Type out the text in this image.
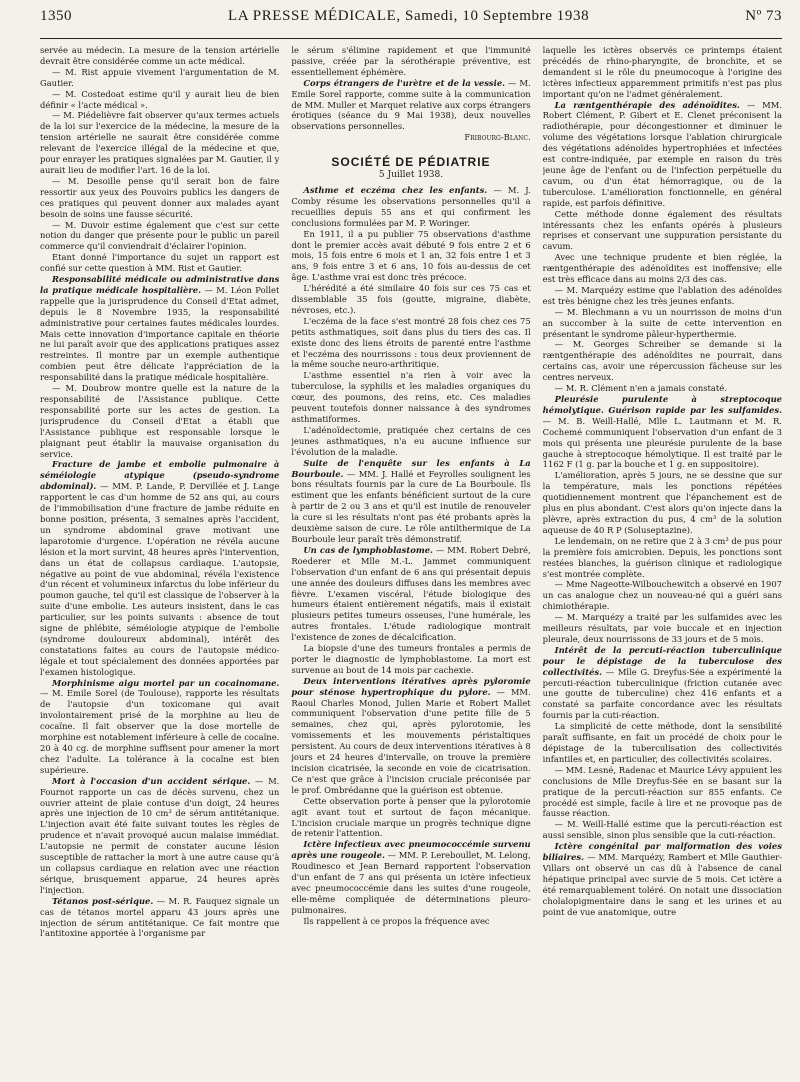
1350	LA PRESSE MÉDICALE, Samedi, 10 Septembre 1938	Nº 73

servée au médecin. La mesure de la tension artérielle devrait être considérée comme un acte médical.

— M. Rist appuie vivement l'argumentation de M. Gautier.

— M. Costedoat estime qu'il y aurait lieu de bien définir « l'acte médical ».

— M. Piédelièvre fait observer qu'aux termes actuels de la loi sur l'exercice de la médecine, la mesure de la tension artérielle ne saurait être considérée comme relevant de l'exercice illégal de la médecine et que, pour enrayer les pratiques signalées par M. Gautier, il y aurait lieu de modifier l'art. 16 de la loi.

— M. Desoille pense qu'il serait bon de faire ressortir aux yeux des Pouvoirs publics les dangers de ces pratiques qui peuvent donner aux malades ayant besoin de soins une fausse sécurité.

— M. Duvoir estime également que c'est sur cette notion du danger que présente pour le public un pareil commerce qu'il conviendrait d'éclairer l'opinion.

Etant donné l'importance du sujet un rapport est confié sur cette question à MM. Rist et Gautier.

Responsabilité médicale ou administrative dans la pratique médicale hospitalière. — M. Léon Pollet rappelle que la jurisprudence du Conseil d'Etat admet, depuis le 8 Novembre 1935, la responsabilité administrative pour certaines fautes médicales lourdes. Mais cette innovation d'importance capitale en théorie ne lui paraît avoir que des applications pratiques assez restreintes. Il montre par un exemple authentique combien peut être délicate l'appréciation de la responsabilité dans la pratique médicale hospitalière.

— M. Doubrow montre quelle est la nature de la responsabilité de l'Assistance publique. Cette responsabilité porte sur les actes de gestion. La jurisprudence du Conseil d'Etat a établi que l'Assistance publique est responsable lorsque le plaignant peut établir la mauvaise organisation du service.

Fracture de jambe et embolie pulmonaire à séméiologie atypique (pseudo-syndrome abdominal). — MM. P. Lande, P. Dervillée et J. Lange rapportent le cas d'un homme de 52 ans qui, au cours de l'immobilisation d'une fracture de jambe réduite en bonne position, présenta, 3 semaines après l'accident, un syndrome abdominal grave motivant une laparotomie d'urgence. L'opération ne révéla aucune lésion et la mort survint, 48 heures après l'intervention, dans un état de collapsus cardiaque. L'autopsie, négative au point de vue abdominal, révéla l'existence d'un récent et volumineux infarctus du lobe inférieur du poumon gauche, tel qu'il est classique de l'observer à la suite d'une embolie. Les auteurs insistent, dans le cas particulier, sur les points suivants : absence de tout signe de phlébite, séméiologie atypique de l'embolie (syndrome douloureux abdominal), intérêt des constatations faites au cours de l'autopsie médico-légale et tout spécialement des données apportées par l'examen histologique.

Morphinisme aigu mortel par un cocainomane. — M. Emile Sorel (de Toulouse), rapporte les résultats de l'autopsie d'un toxicomane qui avait involontairement prisé de la morphine au lieu de cocaïne. Il fait observer que la dose mortelle de morphine est notablement inférieure à celle de cocaïne. 20 à 40 cg. de morphine suffisent pour amener la mort chez l'adulte. La tolérance à la cocaïne est bien supérieure.

Mort à l'occasion d'un accident sérique. — M. Fournot rapporte un cas de décès survenu, chez un ouvrier atteint de plaie contuse d'un doigt, 24 heures après une injection de 10 cm³ de sérum antitétanique. L'injection avait été faite suivant toutes les règles de prudence et n'avait provoqué aucun malaise immédiat. L'autopsie ne permit de constater aucune lésion susceptible de rattacher la mort à une autre cause qu'à un collapsus cardiaque en relation avec une réaction sérique, brusquement apparue, 24 heures après l'injection.

Tétanos post-sérique. — M. R. Fauquez signale un cas de tétanos mortel apparu 43 jours après une injection de sérum antitétanique. Ce fait montre que l'antitoxine apportée à l'organisme par

le sérum s'élimine rapidement et que l'immunité passive, créée par la sérothérapie préventive, est essentiellement éphémère.

Corps étrangers de l'urètre et de la vessie. — M. Emile Sorel rapporte, comme suite à la communication de MM. Muller et Marquet relative aux corps étrangers érotiques (séance du 9 Mai 1938), deux nouvelles observations personnelles.

Fribourg-Blanc.
SOCIÉTÉ DE PÉDIATRIE
5 Juillet 1938.

Asthme et eczéma chez les enfants. — M. J. Comby résume les observations personnelles qu'il a recueillies depuis 55 ans et qui confirment les conclusions formulées par M. P. Woringer.

En 1911, il a pu publier 75 observations d'asthme dont le premier accès avait débuté 9 fois entre 2 et 6 mois, 15 fois entre 6 mois et 1 an, 32 fois entre 1 et 3 ans, 9 fois entre 3 et 6 ans, 10 fois au-dessus de cet âge. L'asthme vrai est donc très précoce.

L'hérédité a été similaire 40 fois sur ces 75 cas et dissemblable 35 fois (goutte, migraine, diabète, névroses, etc.).

L'eczéma de la face s'est montré 28 fois chez ces 75 petits asthmatiques, soit dans plus du tiers des cas. Il existe donc des liens étroits de parenté entre l'asthme et l'eczéma des nourrissons : tous deux proviennent de la même souche neuro-arthritique.

L'asthme essentiel n'a rien à voir avec la tuberculose, la syphilis et les maladies organiques du cœur, des poumons, des reins, etc. Ces maladies peuvent toutefois donner naissance à des syndromes asthmatiformes.

L'adénoïdectomie, pratiquée chez certains de ces jeunes asthmatiques, n'a eu aucune influence sur l'évolution de la maladie.

Suite de l'enquête sur les enfants à La Bourboule. — MM. J. Hallé et Feyrolles soulignent les bons résultats fournis par la cure de La Bourboule. Ils estiment que les enfants bénéficient surtout de la cure à partir de 2 ou 3 ans et qu'il est inutile de renouveler la cure si les résultats n'ont pas été probants après la deuxième saison de cure. Le rôle antilthermique de La Bourboule leur paraît très démonstratif.

Un cas de lymphoblastome. — MM. Robert Debré, Roederer et Mlle M.-L. Jammet communiquent l'observation d'un enfant de 6 ans qui présentait depuis une année des douleurs diffuses dans les membres avec fièvre. L'examen viscéral, l'étude biologique des humeurs étaient entièrement négatifs, mais il existait plusieurs petites tumeurs osseuses, l'une humérale, les autres frontales. L'étude radiologique montrait l'existence de zones de décalcification.

La biopsie d'une des tumeurs frontales a permis de porter le diagnostic de lymphoblastome. La mort est survenue au bout de 14 mois par cachexie.

Deux interventions itératives après pyloromie pour sténose hypertrophique du pylore. — MM. Raoul Charles Monod, Julien Marie et Robert Mallet communiquent l'observation d'une petite fille de 5 semaines, chez qui, après pylorotomie, les vomissements et les mouvements péristaltiques persistent. Au cours de deux interventions itératives à 8 jours et 24 heures d'intervalle, on trouve la première incision cicatrisée, la seconde en voie de cicatrisation. Ce n'est que grâce à l'incision cruciale préconisée par le prof. Ombrédanne que la guérison est obtenue.

Cette observation porte à penser que la pylorotomie agit avant tout et surtout de façon mécanique. L'incision cruciale marque un progrès technique digne de retenir l'attention.

Ictère infectieux avec pneumococcémie survenu après une rougeole. — MM. P. Lereboullet, M. Lelong, Roudinesco et Jean Bernard rapportent l'observation d'un enfant de 7 ans qui présenta un ictère infectieux avec pneumococcémie dans les suites d'une rougeole, elle-même compliquée de déterminations pleuro-pulmonaires.

Ils rappellent à ce propos la fréquence avec

laquelle les ictères observés ce printemps étaient précédés de rhino-pharyngite, de bronchite, et se demandent si le rôle du pneumocoque à l'origine des ictères infectieux apparemment primitifs n'est pas plus important qu'on ne l'admet généralement.

La ræntgenthérapie des adénoïdites. — MM. Robert Clément, P. Gibert et E. Clenet préconisent la radiothérapie, pour décongestionner et diminuer le volume des végétations lorsque l'ablation chirurgicale des végétations adénoïdes hypertrophiées et infectées est contre-indiquée, par exemple en raison du très jeune âge de l'enfant ou de l'infection perpétuelle du cavum, ou d'un état hémorragique, ou de la tuberculose. L'amélioration fonctionnelle, en général rapide, est parfois définitive.

Cette méthode donne également des résultats intéressants chez les enfants opérés à plusieurs reprises et conservant une suppuration persistante du cavum.

Avec une technique prudente et bien réglée, la ræntgenthérapie des adénoïdites est inoffensive; elle est très efficace dans au moins 2/3 des cas.

— M. Marquézy estime que l'ablation des adénoïdes est très bénigne chez les très jeunes enfants.

— M. Blechmann a vu un nourrisson de moins d'un an succomber à la suite de cette intervention en présentant le syndrome pâleur-hyperthermie.

— M. Georges Schreiber se demande si la ræntgenthérapie des adénoïdites ne pourrait, dans certains cas, avoir une répercussion fâcheuse sur les centres nerveux.

— M. R. Clément n'en a jamais constaté.

Pleurésie purulente à streptocoque hémolytique. Guérison rapide par les sulfamides. — M. B. Weill-Hallé, Mlle L. Lautmann et M. R. Cochemé communiquent l'observation d'un enfant de 3 mois qui présenta une pleurésie purulente de la base gauche à streptocoque hémolytique. Il est traité par le 1162 F (1 g. par la bouche et 1 g. en suppositoire).

L'amélioration, après 5 jours, ne se dessine que sur la température, mais les ponctions répétées quotidiennement montrent que l'épanchement est de plus en plus abondant. C'est alors qu'on injecte dans la plèvre, après extraction du pus, 4 cm³ de la solution aqueuse de 40 R P (Soluseptazine).

Le lendemain, on ne retire que 2 à 3 cm³ de pus pour la première fois amicrobien. Depuis, les ponctions sont restées blanches, la guérison clinique et radiologique s'est montrée complète.

— Mme Nageotte-Wilbouchewitch a observé en 1907 un cas analogue chez un nouveau-né qui a guéri sans chimiothérapie.

— M. Marquézy a traité par les sulfamides avec les meilleurs résultats, par voie buccale et en injection pleurale, deux nourrissons de 33 jours et de 5 mois.

Intérêt de la percuti-réaction tuberculinique pour le dépistage de la tuberculose des collectivités. — Mlle G. Dreyfus-Sée a expérimenté la percuti-réaction tuberculinique (friction cutanée avec une goutte de tuberculine) chez 416 enfants et a constaté sa parfaite concordance avec les résultats fournis par la cuti-réaction.

La simplicité de cette méthode, dont la sensibilité paraît suffisante, en fait un procédé de choix pour le dépistage de la tuberculisation des collectivités infantiles et, en particulier, des collectivités scolaires.

— MM. Lesné, Radenac et Maurice Lévy appuient les conclusions de Mlle Dreyfus-Sée en se basant sur la pratique de la percuti-réaction sur 855 enfants. Ce procédé est simple, facile à lire et ne provoque pas de fausse réaction.

— M. Weill-Hallé estime que la percuti-réaction est aussi sensible, sinon plus sensible que la cuti-réaction.

Ictère congénital par malformation des voies biliaires. — MM. Marquézy, Rambert et Mlle Gauthier-Villars ont observé un cas dû à l'absence de canal hépatique principal avec survie de 5 mois. Cet ictère a été remarquablement toléré. On notait une dissociation cholalopigmentaire dans le sang et les urines et au point de vue anatomique, outre
